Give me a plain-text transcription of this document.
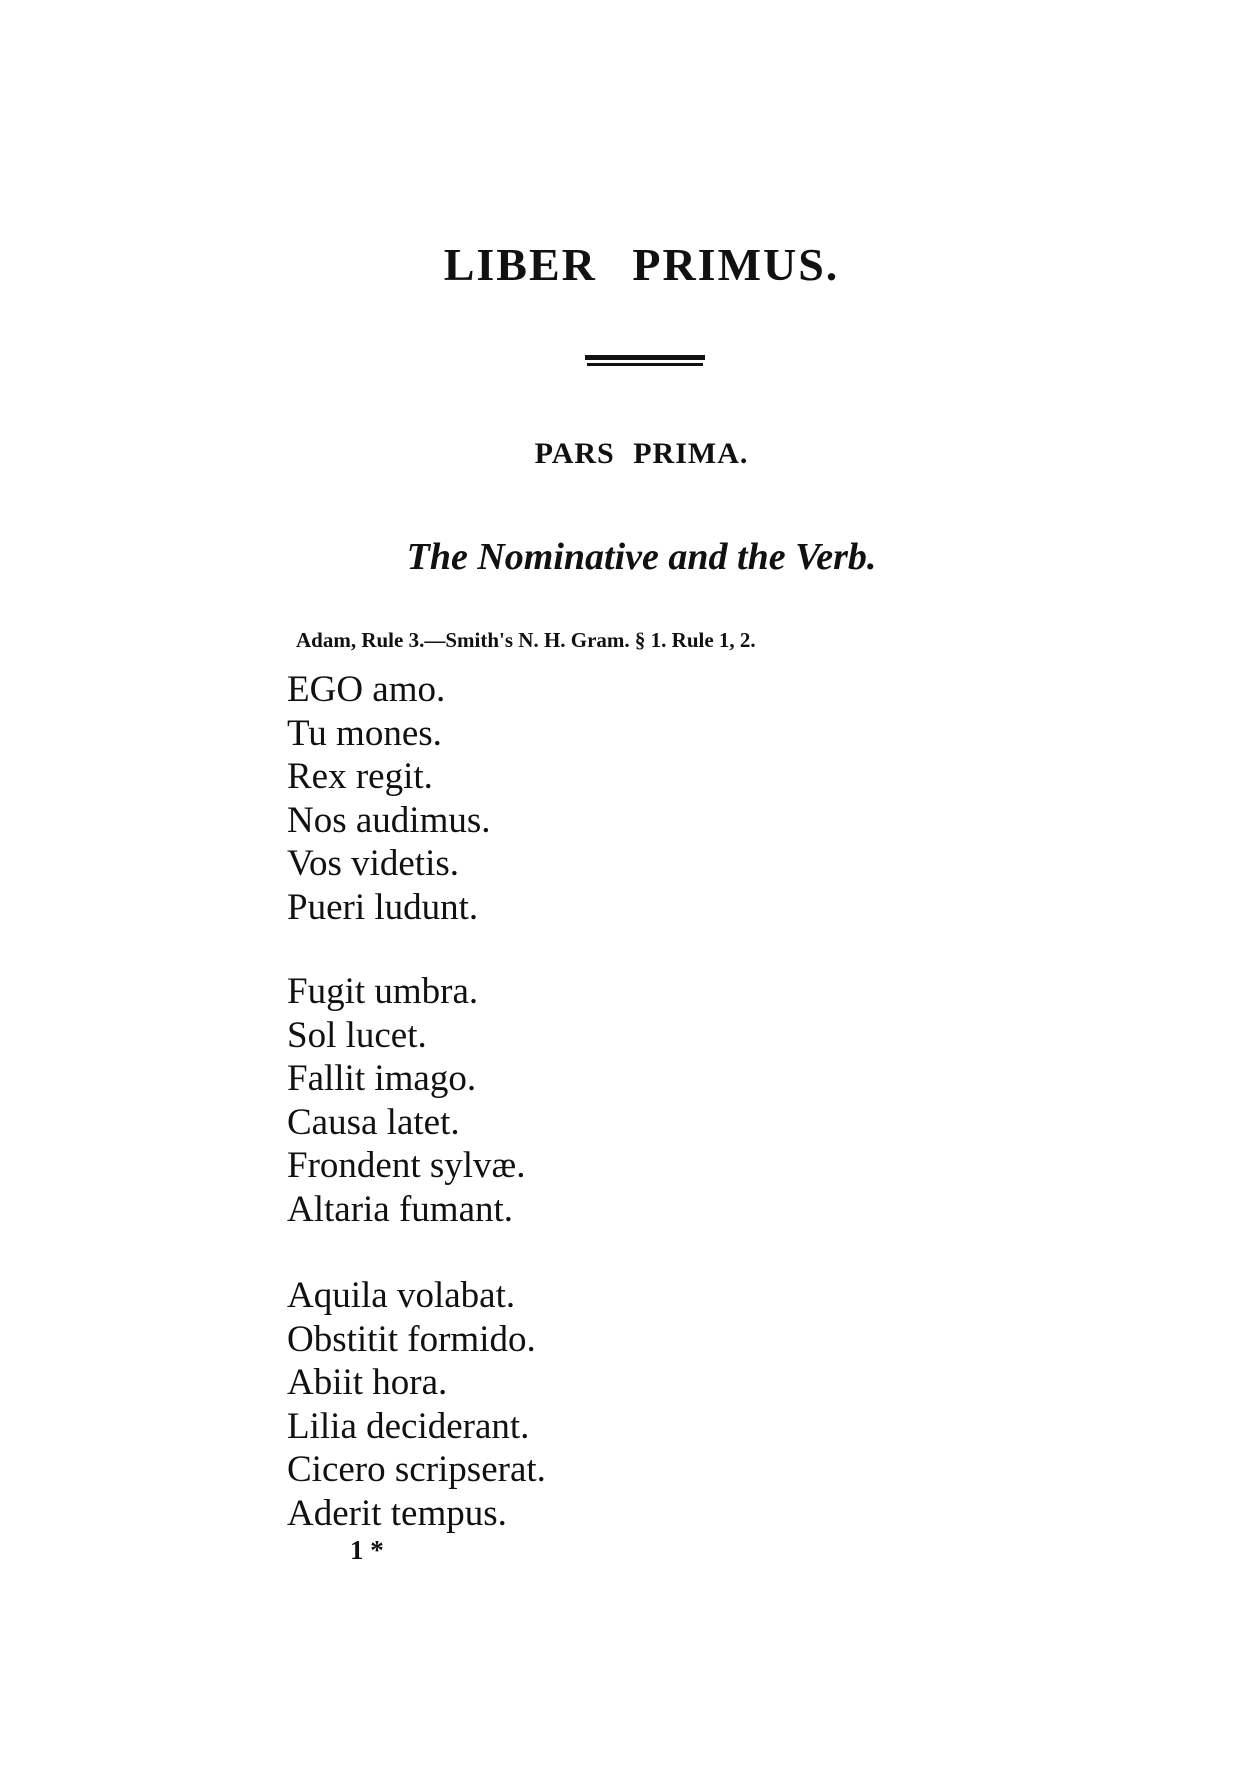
LIBER PRIMUS.
PARS PRIMA.
The Nominative and the Verb.
Adam, Rule 3.—Smith's N. H. Gram. § 1. Rule 1, 2.
EGO amo.
Tu mones.
Rex regit.
Nos audimus.
Vos videtis.
Pueri ludunt.
Fugit umbra.
Sol lucet.
Fallit imago.
Causa latet.
Frondent sylvæ.
Altaria fumant.
Aquila volabat.
Obstitit formido.
Abiit hora.
Lilia deciderant.
Cicero scripserat.
Aderit tempus.
1 *
